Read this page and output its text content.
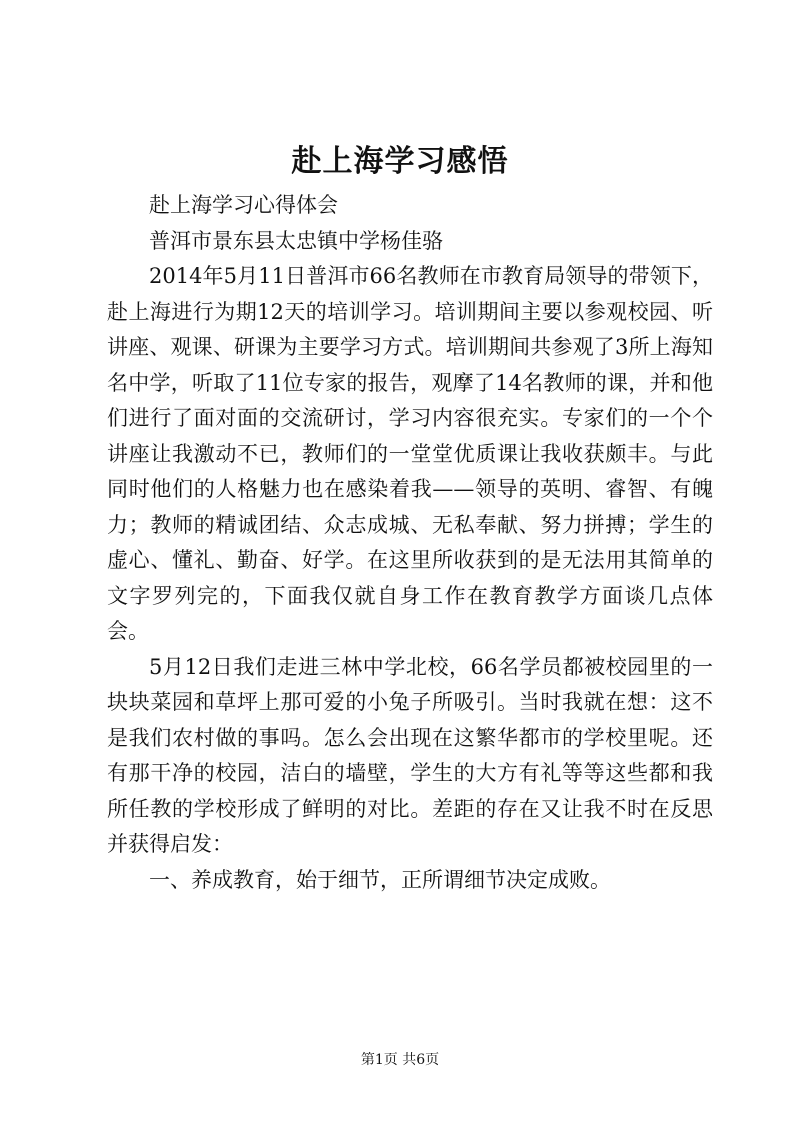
赴上海学习感悟

赴上海学习心得体会

普洱市景东县太忠镇中学杨佳骆

2014年5月11日普洱市66名教师在市教育局领导的带领下，赴上海进行为期12天的培训学习。培训期间主要以参观校园、听讲座、观课、研课为主要学习方式。培训期间共参观了3所上海知名中学，听取了11位专家的报告，观摩了14名教师的课，并和他们进行了面对面的交流研讨，学习内容很充实。专家们的一个个讲座让我激动不已，教师们的一堂堂优质课让我收获颇丰。与此同时他们的人格魅力也在感染着我——领导的英明、睿智、有魄力；教师的精诚团结、众志成城、无私奉献、努力拼搏；学生的虚心、懂礼、勤奋、好学。在这里所收获到的是无法用其简单的文字罗列完的，下面我仅就自身工作在教育教学方面谈几点体会。

5月12日我们走进三林中学北校，66名学员都被校园里的一块块菜园和草坪上那可爱的小兔子所吸引。当时我就在想：这不是我们农村做的事吗。怎么会出现在这繁华都市的学校里呢。还有那干净的校园，洁白的墙壁，学生的大方有礼等等这些都和我所任教的学校形成了鲜明的对比。差距的存在又让我不时在反思并获得启发：

一、养成教育，始于细节，正所谓细节决定成败。

第1页 共6页
